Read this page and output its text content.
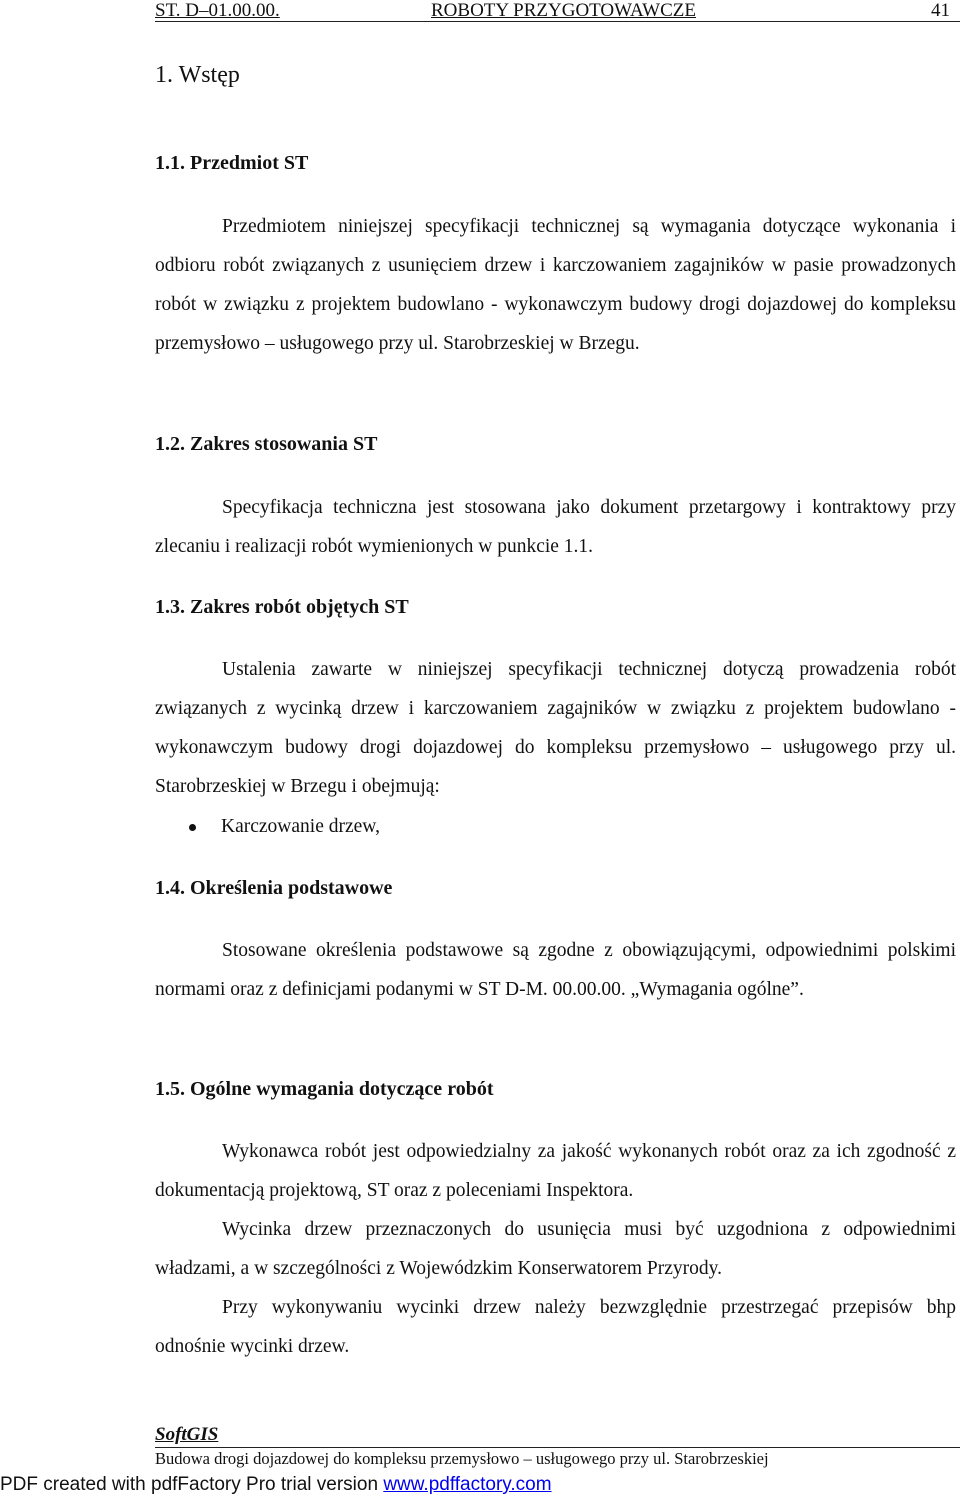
ST. D–01.00.00.	ROBOTY PRZYGOTOWAWCZE	41
1. Wstęp
1.1. Przedmiot ST

Przedmiotem niniejszej specyfikacji technicznej są wymagania dotyczące wykonania i odbioru robót związanych z usunięciem drzew i karczowaniem zagajników w pasie prowadzonych robót w związku z projektem budowlano - wykonawczym budowy drogi dojazdowej do kompleksu przemysłowo – usługowego przy ul. Starobrzeskiej w Brzegu.

1.2. Zakres stosowania ST

Specyfikacja techniczna jest stosowana jako dokument przetargowy i kontraktowy przy zlecaniu i realizacji robót wymienionych w punkcie 1.1.

1.3. Zakres robót objętych ST

Ustalenia zawarte w niniejszej specyfikacji technicznej dotyczą prowadzenia robót związanych z wycinką drzew i karczowaniem zagajników w związku z projektem budowlano - wykonawczym budowy drogi dojazdowej do kompleksu przemysłowo – usługowego przy ul. Starobrzeskiej w Brzegu i obejmują:

Karczowanie drzew,
1.4. Określenia podstawowe

Stosowane określenia podstawowe są zgodne z obowiązującymi, odpowiednimi polskimi normami oraz z definicjami podanymi w ST D-M. 00.00.00. „Wymagania ogólne”.

1.5. Ogólne wymagania dotyczące robót

Wykonawca robót jest odpowiedzialny za jakość wykonanych robót oraz za ich zgodność z dokumentacją projektową, ST oraz z poleceniami Inspektora.

Wycinka drzew przeznaczonych do usunięcia musi być uzgodniona z odpowiednimi władzami, a w szczególności z Wojewódzkim Konserwatorem Przyrody.

Przy wykonywaniu wycinki drzew należy bezwzględnie przestrzegać przepisów bhp odnośnie wycinki drzew.

SoftGIS
Budowa drogi dojazdowej do kompleksu przemysłowo – usługowego przy ul. Starobrzeskiej
PDF created with pdfFactory Pro trial version www.pdffactory.com
